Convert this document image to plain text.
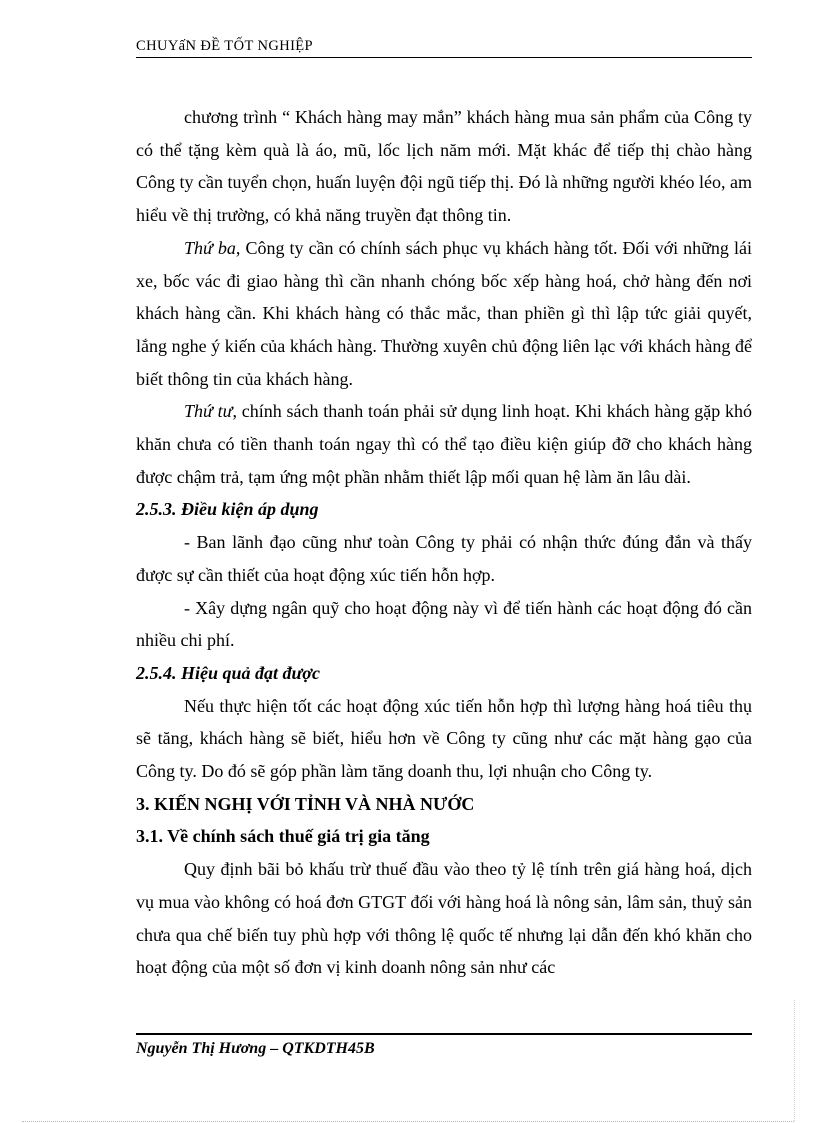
CHUYấN ĐỀ TỐT NGHIỆP

chương trình “ Khách hàng may mắn” khách hàng mua sản phẩm của Công ty có thể tặng kèm quà là áo, mũ, lốc lịch năm mới. Mặt khác để tiếp thị chào hàng Công ty cần tuyển chọn, huấn luyện đội ngũ tiếp thị. Đó là những người khéo léo, am hiểu về thị trường, có khả năng truyền đạt thông tin.

Thứ ba, Công ty cần có chính sách phục vụ khách hàng tốt. Đối với những lái xe, bốc vác đi giao hàng thì cần nhanh chóng bốc xếp hàng hoá, chở hàng đến nơi khách hàng cần. Khi khách hàng có thắc mắc, than phiền gì thì lập tức giải quyết, lắng nghe ý kiến của khách hàng. Thường xuyên chủ động liên lạc với khách hàng để biết thông tin của khách hàng.

Thứ tư, chính sách thanh toán phải sử dụng linh hoạt. Khi khách hàng gặp khó khăn chưa có tiền thanh toán ngay thì có thể tạo điều kiện giúp đỡ cho khách hàng được chậm trả, tạm ứng một phần nhằm thiết lập mối quan hệ làm ăn lâu dài.

2.5.3. Điều kiện áp dụng

- Ban lãnh đạo cũng như toàn Công ty phải có nhận thức đúng đắn và thấy được sự cần thiết của hoạt động xúc tiến hỗn hợp.

- Xây dựng ngân quỹ cho hoạt động này vì để tiến hành các hoạt động đó cần nhiều chi phí.

2.5.4. Hiệu quả đạt được

Nếu thực hiện tốt các hoạt động xúc tiến hỗn hợp thì lượng hàng hoá tiêu thụ sẽ tăng, khách hàng sẽ biết, hiểu hơn về Công ty cũng như các mặt hàng gạo của Công ty. Do đó sẽ góp phần làm tăng doanh thu, lợi nhuận cho Công ty.

3. KIẾN NGHỊ VỚI TỈNH VÀ NHÀ NƯỚC

3.1. Về chính sách thuế giá trị gia tăng

Quy định bãi bỏ khấu trừ thuế đầu vào theo tỷ lệ tính trên giá hàng hoá, dịch vụ mua vào không có hoá đơn GTGT đối với hàng hoá là nông sản, lâm sản, thuỷ sản chưa qua chế biến tuy phù hợp với thông lệ quốc tế nhưng lại dẫn đến khó khăn cho hoạt động của một số đơn vị kinh doanh nông sản như các

Nguyễn Thị Hương – QTKDTH45B
